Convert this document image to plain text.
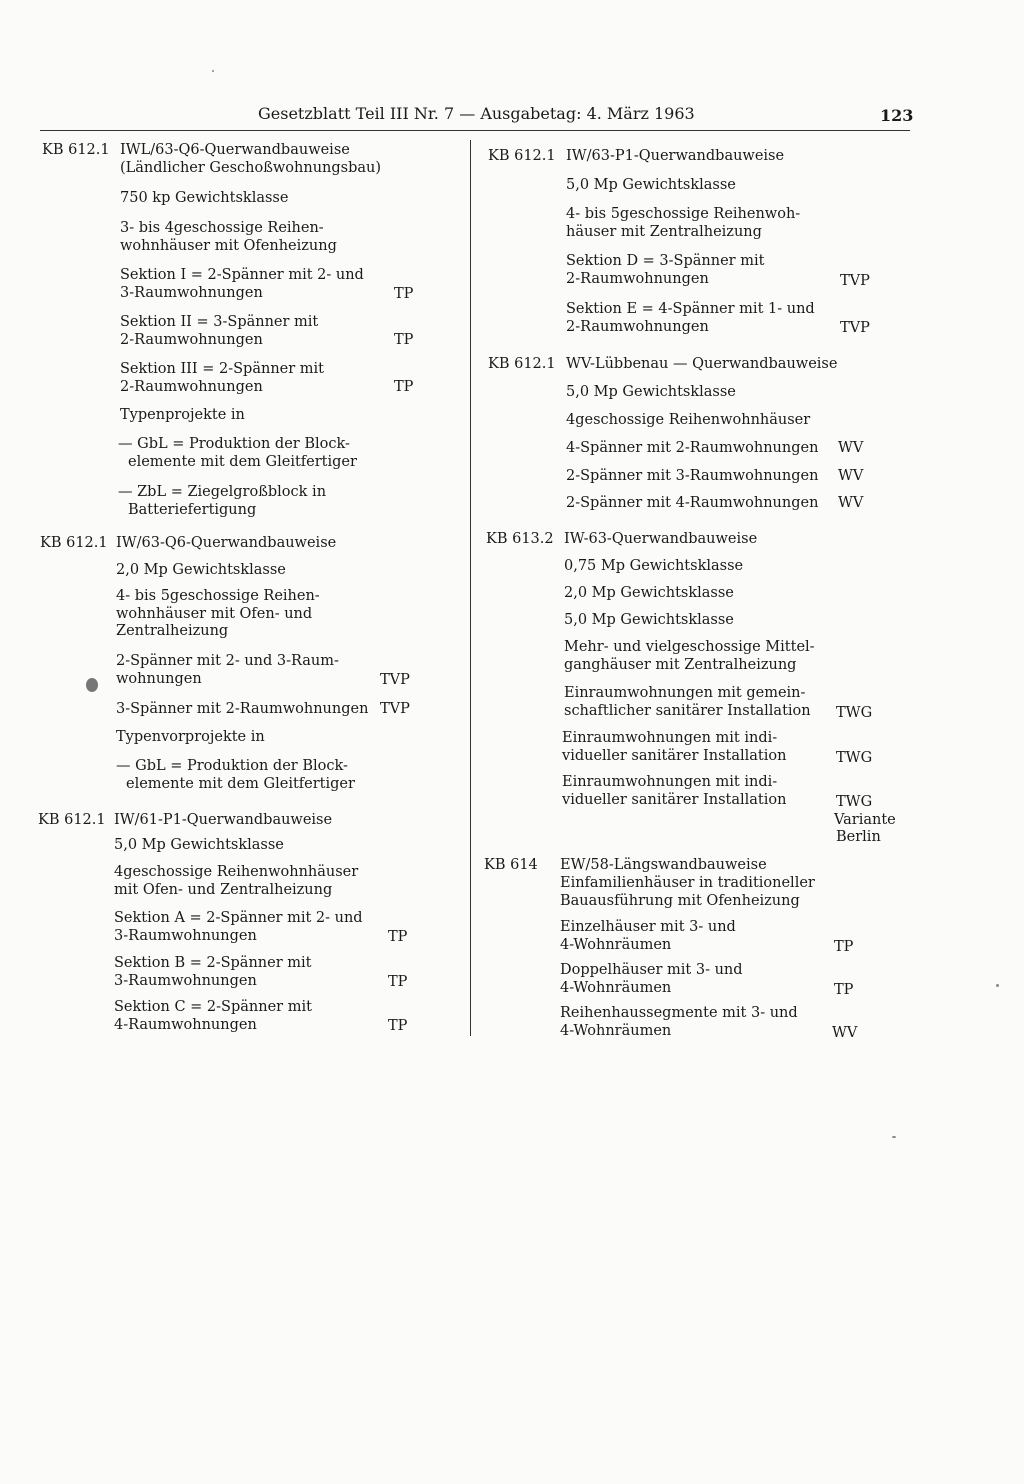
Gesetzblatt Teil III Nr. 7 — Ausgabetag: 4. März 1963	123
KB 612.1 IWL/63-Q6-Querwandbauweise
(Ländlicher Geschoßwohnungsbau)
750 kp Gewichtsklasse
3- bis 4geschossige Reihen-
wohnhäuser mit Ofenheizung
Sektion I = 2-Spänner mit 2- und
3-Raumwohnungen	TP
Sektion II = 3-Spänner mit
2-Raumwohnungen	TP
Sektion III = 2-Spänner mit
2-Raumwohnungen	TP
Typenprojekte in
— GbL = Produktion der Block-
elemente mit dem Gleitfertiger
— ZbL = Ziegelgroßblock in
Batteriefertigung
KB 612.1 IW/63-Q6-Querwandbauweise
2,0 Mp Gewichtsklasse
4- bis 5geschossige Reihen-
wohnhäuser mit Ofen- und
Zentralheizung
2-Spänner mit 2- und 3-Raum-
wohnungen	TVP
3-Spänner mit 2-Raumwohnungen TVP
Typenvorprojekte in
— GbL = Produktion der Block-
elemente mit dem Gleitfertiger
KB 612.1 IW/61-P1-Querwandbauweise
5,0 Mp Gewichtsklasse
4geschossige Reihenwohnhäuser
mit Ofen- und Zentralheizung
Sektion A = 2-Spänner mit 2- und
3-Raumwohnungen	TP
Sektion B = 2-Spänner mit
3-Raumwohnungen	TP
Sektion C = 2-Spänner mit
4-Raumwohnungen	TP
KB 612.1 IW/63-P1-Querwandbauweise
5,0 Mp Gewichtsklasse
4- bis 5geschossige Reihenwoh-
häuser mit Zentralheizung
Sektion D = 3-Spänner mit
2-Raumwohnungen	TVP
Sektion E = 4-Spänner mit 1- und
2-Raumwohnungen	TVP
KB 612.1 WV-Lübbenau — Querwandbauweise
5,0 Mp Gewichtsklasse
4geschossige Reihenwohnhäuser
4-Spänner mit 2-Raumwohnungen WV
2-Spänner mit 3-Raumwohnungen WV
2-Spänner mit 4-Raumwohnungen WV
KB 613.2 IW-63-Querwandbauweise
0,75 Mp Gewichtsklasse
2,0 Mp Gewichtsklasse
5,0 Mp Gewichtsklasse
Mehr- und vielgeschossige Mittel-
ganghäuser mit Zentralheizung
Einraumwohnungen mit gemein-
schaftlicher sanitärer Installation TWG
Einraumwohnungen mit indi-
vidueller sanitärer Installation	TWG
Einraumwohnungen mit indi-
vidueller sanitärer Installation	TWG
Variante
Berlin
KB 614 EW/58-Längswandbauweise
Einfamilienhäuser in traditioneller
Bauausführung mit Ofenheizung
Einzelhäuser mit 3- und
4-Wohnräumen	TP
Doppelhäuser mit 3- und
4-Wohnräumen	TP
Reihenhaussegmente mit 3- und
4-Wohnräumen	WV
